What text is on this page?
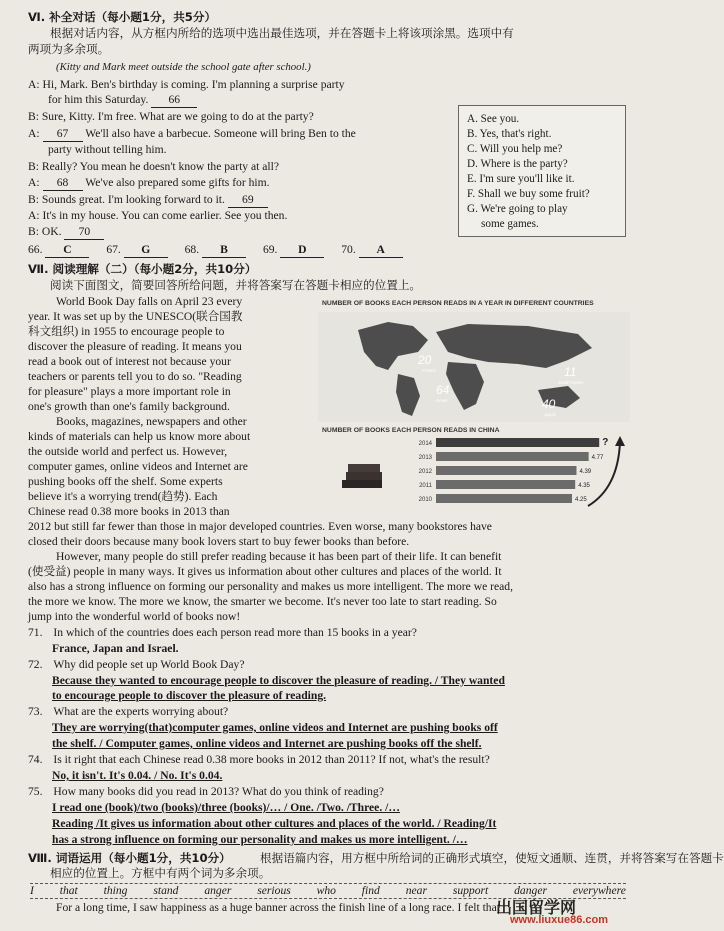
Ⅵ. 补全对话（每小题1分，共5分）
根据对话内容，从方框内所给的选项中选出最佳选项，并在答题卡上将该项涂黑。选项中有
两项为多余项。
(Kitty and Mark meet outside the school gate after school.)
A: Hi, Mark. Ben's birthday is coming. I'm planning a surprise party
for him this Saturday. 66
B: Sure, Kitty. I'm free. What are we going to do at the party?
A: 67 We'll also have a barbecue. Someone will bring Ben to the
party without telling him.
B: Really? You mean he doesn't know the party at all?
A: 68 We've also prepared some gifts for him.
B: Sounds great. I'm looking forward to it. 69
A: It's in my house. You can come earlier. See you then.
B: OK. 70
A. See you.
B. Yes, that's right.
C. Will you help me?
D. Where is the party?
E. I'm sure you'll like it.
F. Shall we buy some fruit?
G. We're going to play
some games.
66. C	67. G	68. B	69. D	70. A
Ⅶ. 阅读理解（二）（每小题2分，共10分）
阅读下面图文，简要回答所给问题，并将答案写在答题卡相应的位置上。
World Book Day falls on April 23 every
year. It was set up by the UNESCO(联合国教
科文组织) in 1955 to encourage people to
discover the pleasure of reading. It means you
read a book out of interest not because your
teachers or parents tell you to do so. "Reading
for pleasure" plays a more important role in
one's growth than one's family background.
Books, magazines, newspapers and other
kinds of materials can help us know more about
the outside world and perfect us. However,
computer games, online videos and Internet are
pushing books off the shelf. Some experts
believe it's a worrying trend(趋势). Each
Chinese read 0.38 more books in 2013 than
2012 but still far fewer than those in major developed countries. Even worse, many bookstores have
closed their doors because many book lovers start to buy fewer books than before.
However, many people do still prefer reading because it has been part of their life. It can benefit
(使受益) people in many ways. It gives us information about other cultures and places of the world. It
also has a strong influence on forming our personality and makes us more intelligent. The more we read,
the more we know. The more we know, the smarter we become. It's never too late to start reading. So
jump into the wonderful world of books now!
NUMBER OF BOOKS EACH PERSON READS IN A YEAR IN DIFFERENT COUNTRIES
20
France
64
Israel
11
South Korea
40
Japan
NUMBER OF BOOKS EACH PERSON READS IN CHINA
2014	?
2013	4.77
2012	4.39
2011	4.35
2010	4.25
71. In which of the countries does each person read more than 15 books in a year?
France, Japan and Israel.
72. Why did people set up World Book Day?
Because they wanted to encourage people to discover the pleasure of reading. / They wanted
to encourage people to discover the pleasure of reading.
73. What are the experts worrying about?
They are worrying(that)computer games, online videos and Internet are pushing books off
the shelf. / Computer games, online videos and Internet are pushing books off the shelf.
74. Is it right that each Chinese read 0.38 more books in 2012 than 2011? If not, what's the result?
No, it isn't. It's 0.04. / No. It's 0.04.
75. How many books did you read in 2013? What do you think of reading?
I read one (book)/two (books)/three (books)/… / One. /Two. /Three. /…
Reading /It gives us information about other cultures and places of the world. / Reading/It
has a strong influence on forming our personality and makes us more intelligent. /…
Ⅷ. 词语运用（每小题1分，共10分）	根据语篇内容，用方框中所给词的正确形式填空，使短文通顺、连贯，并将答案写在答题卡
相应的位置上。方框中有两个词为多余项。
I that thing stand anger serious who find near support danger everywhere
For a long time, I saw happiness as a huge banner across the finish line of a long race. I felt that
出国留学网
www.liuxue86.com
